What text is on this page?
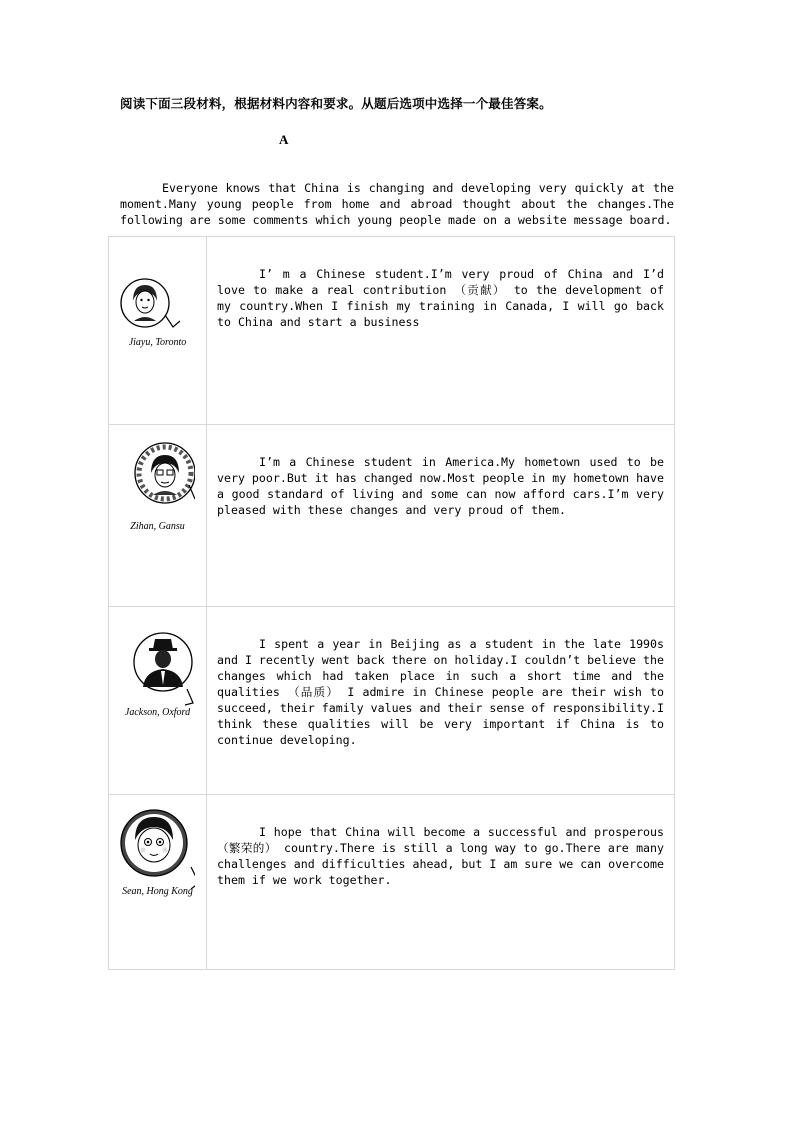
阅读下面三段材料，根据材料内容和要求。从题后选项中选择一个最佳答案。
A

Everyone knows that China is changing and developing very quickly at the moment.Many young people from home and abroad thought about the changes.The following are some comments which young people made on a website message board.

Jiayu, Toronto	I’ m a Chinese student.I’m very proud of China and I’d love to make a real contribution （贡献） to the development of my country.When I finish my training in Canada, I will go back to China and start a business

Zihan, Gansu	I’m a Chinese student in America.My hometown used to be very poor.But it has changed now.Most people in my hometown have a good standard of living and some can now afford cars.I’m very pleased with these changes and very proud of them.

Jackson, Oxford	I spent a year in Beijing as a student in the late 1990s and I recently went back there on holiday.I couldn’t believe the changes which had taken place in such a short time and the qualities （品质） I admire in Chinese people are their wish to succeed, their family values and their sense of responsibility.I think these qualities will be very important if China is to continue developing.

Sean, Hong Kong	I hope that China will become a successful and prosperous（繁荣的） country.There is still a long way to go.There are many challenges and difficulties ahead, but I am sure we can overcome them if we work together.
